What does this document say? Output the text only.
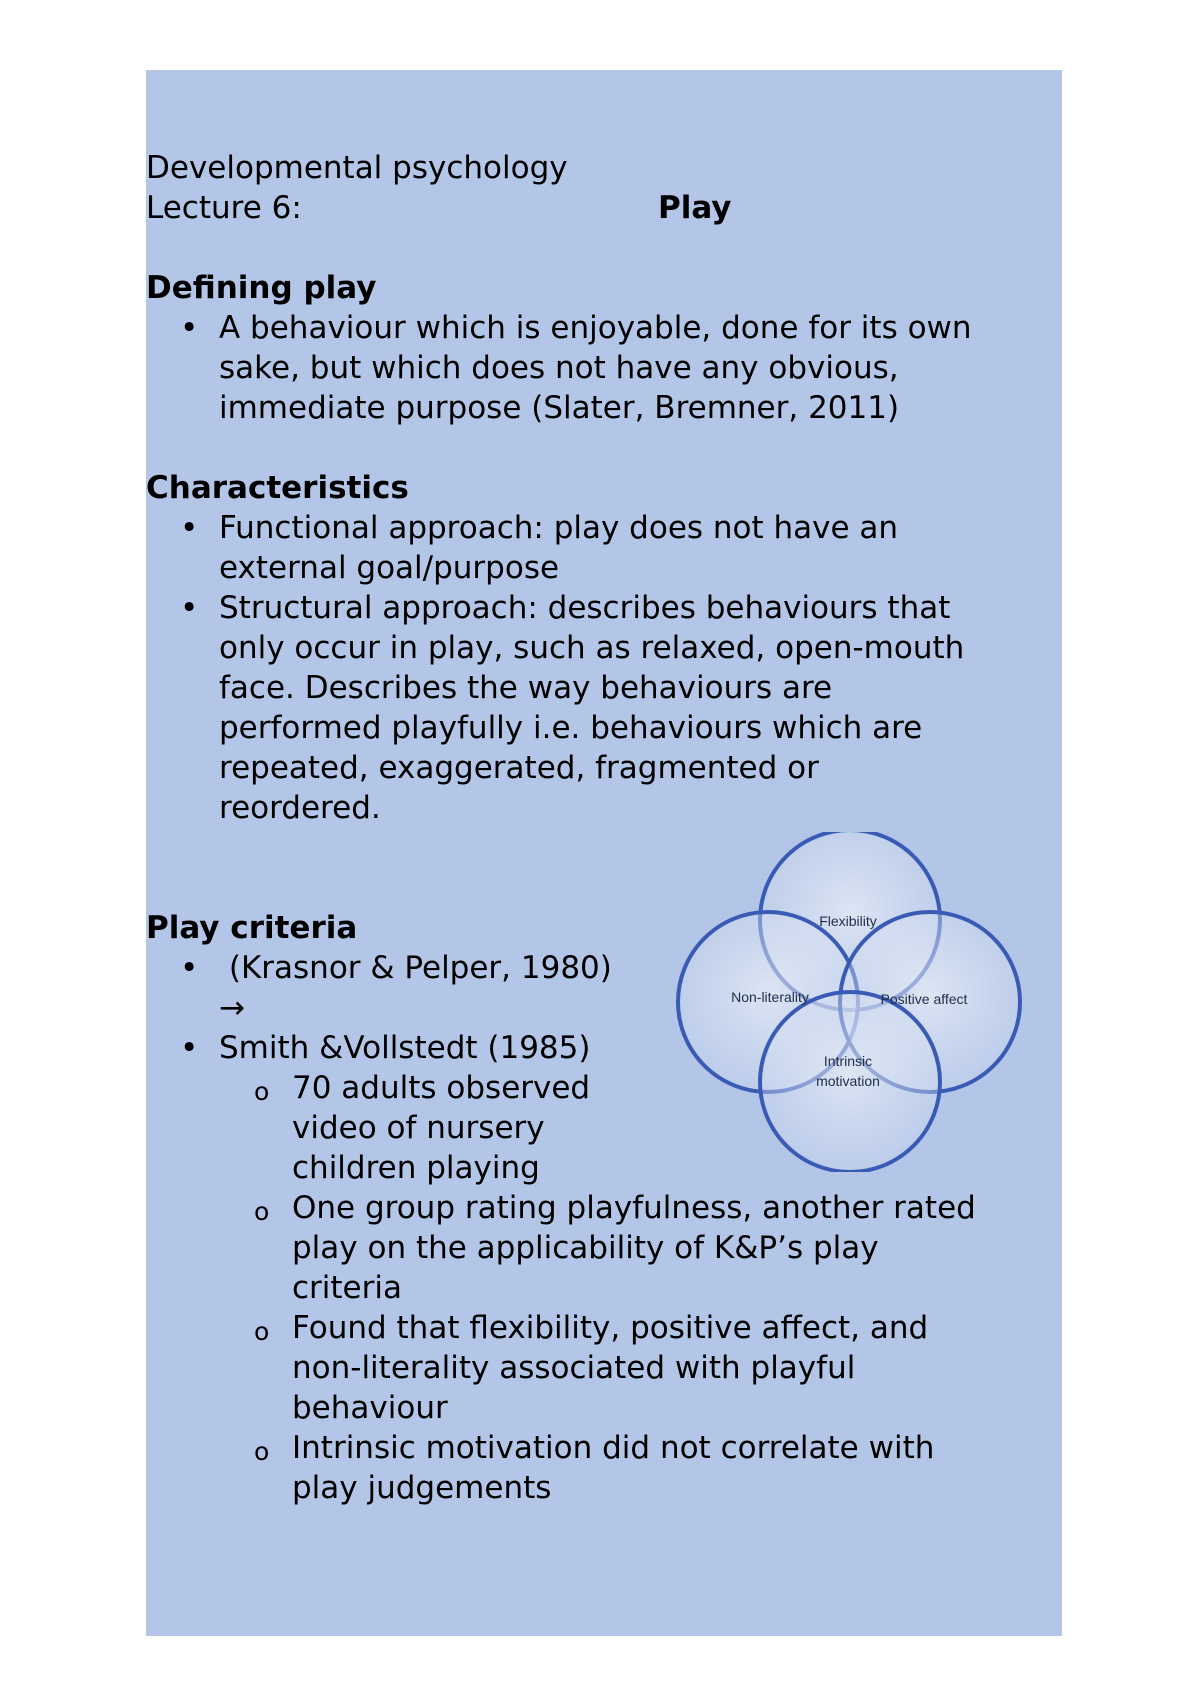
Developmental psychology

Lecture 6:	Play

Defining play

• A behaviour which is enjoyable, done for its own
sake, but which does not have any obvious,
immediate purpose (Slater, Bremner, 2011)

Characteristics

• Functional approach: play does not have an
external goal/purpose
• Structural approach: describes behaviours that
only occur in play, such as relaxed, open-mouth
face. Describes the way behaviours are
performed playfully i.e. behaviours which are
repeated, exaggerated, fragmented or
reordered.

Play criteria

•  (Krasnor & Pelper, 1980)
→
• Smith &Vollstedt (1985)
o 70 adults observed
video of nursery
children playing
o One group rating playfulness, another rated
play on the applicability of K&P’s play
criteria
o Found that flexibility, positive affect, and
non-literality associated with playful
behaviour
o Intrinsic motivation did not correlate with
play judgements
Flexibility
Non-literality	Positive affect
Intrinsic
motivation
